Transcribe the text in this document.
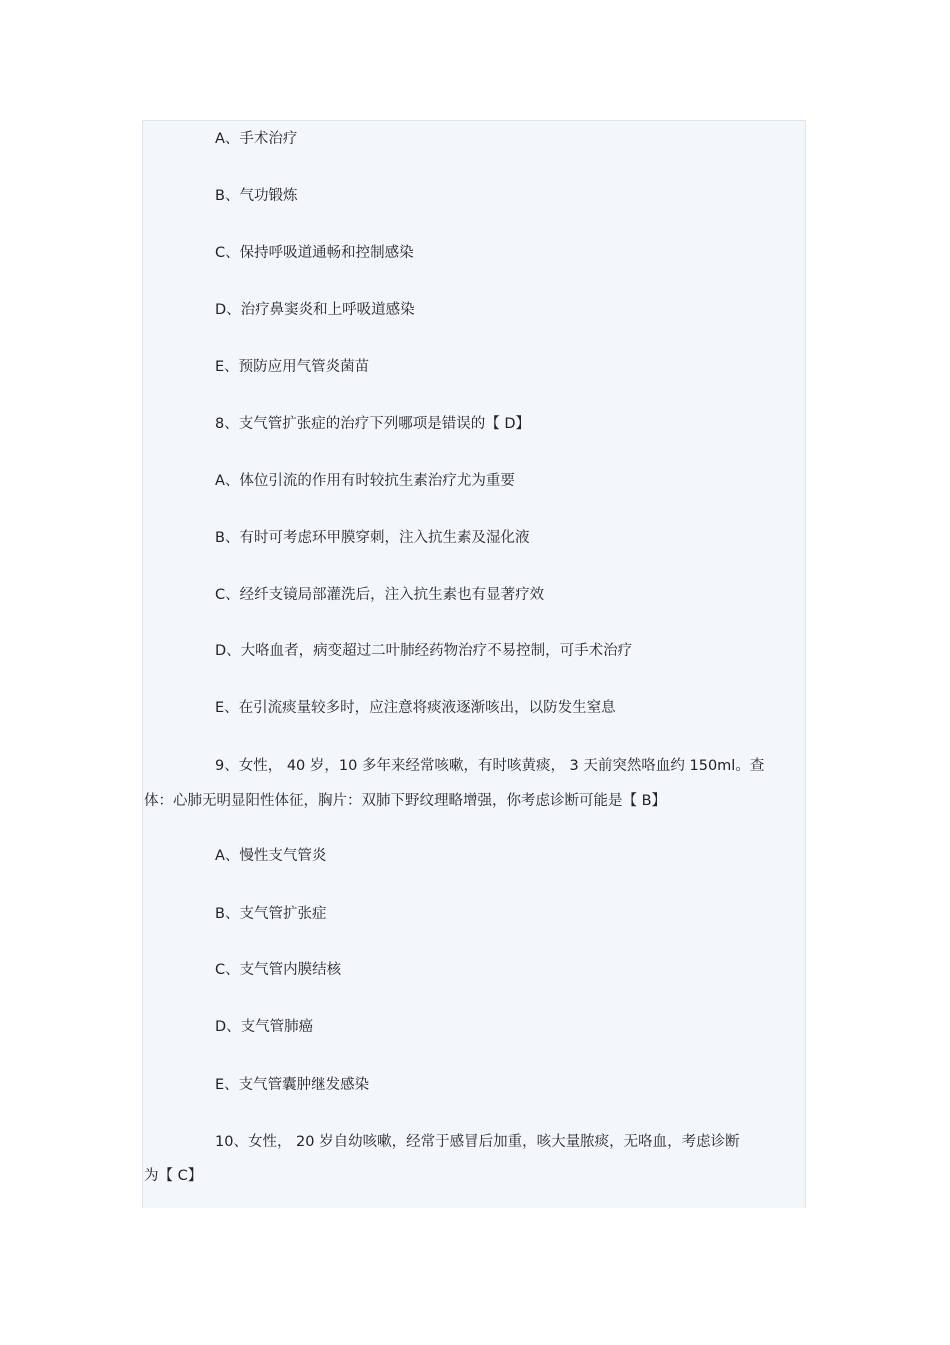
A、手术治疗
B、气功锻炼
C、保持呼吸道通畅和控制感染
D、治疗鼻窦炎和上呼吸道感染
E、预防应用气管炎菌苗
8、支气管扩张症的治疗下列哪项是错误的【 D】
A、体位引流的作用有时较抗生素治疗尤为重要
B、有时可考虑环甲膜穿刺，注入抗生素及湿化液
C、经纤支镜局部灌洗后，注入抗生素也有显著疗效
D、大咯血者，病变超过二叶肺经药物治疗不易控制，可手术治疗
E、在引流痰量较多时，应注意将痰液逐渐咳出，以防发生窒息
9、女性， 40 岁，10 多年来经常咳嗽，有时咳黄痰， 3 天前突然咯血约 150ml。查
体：心肺无明显阳性体征，胸片：双肺下野纹理略增强，你考虑诊断可能是【 B】
A、慢性支气管炎
B、支气管扩张症
C、支气管内膜结核
D、支气管肺癌
E、支气管囊肿继发感染
10、女性， 20 岁自幼咳嗽，经常于感冒后加重，咳大量脓痰，无咯血，考虑诊断
为【 C】
